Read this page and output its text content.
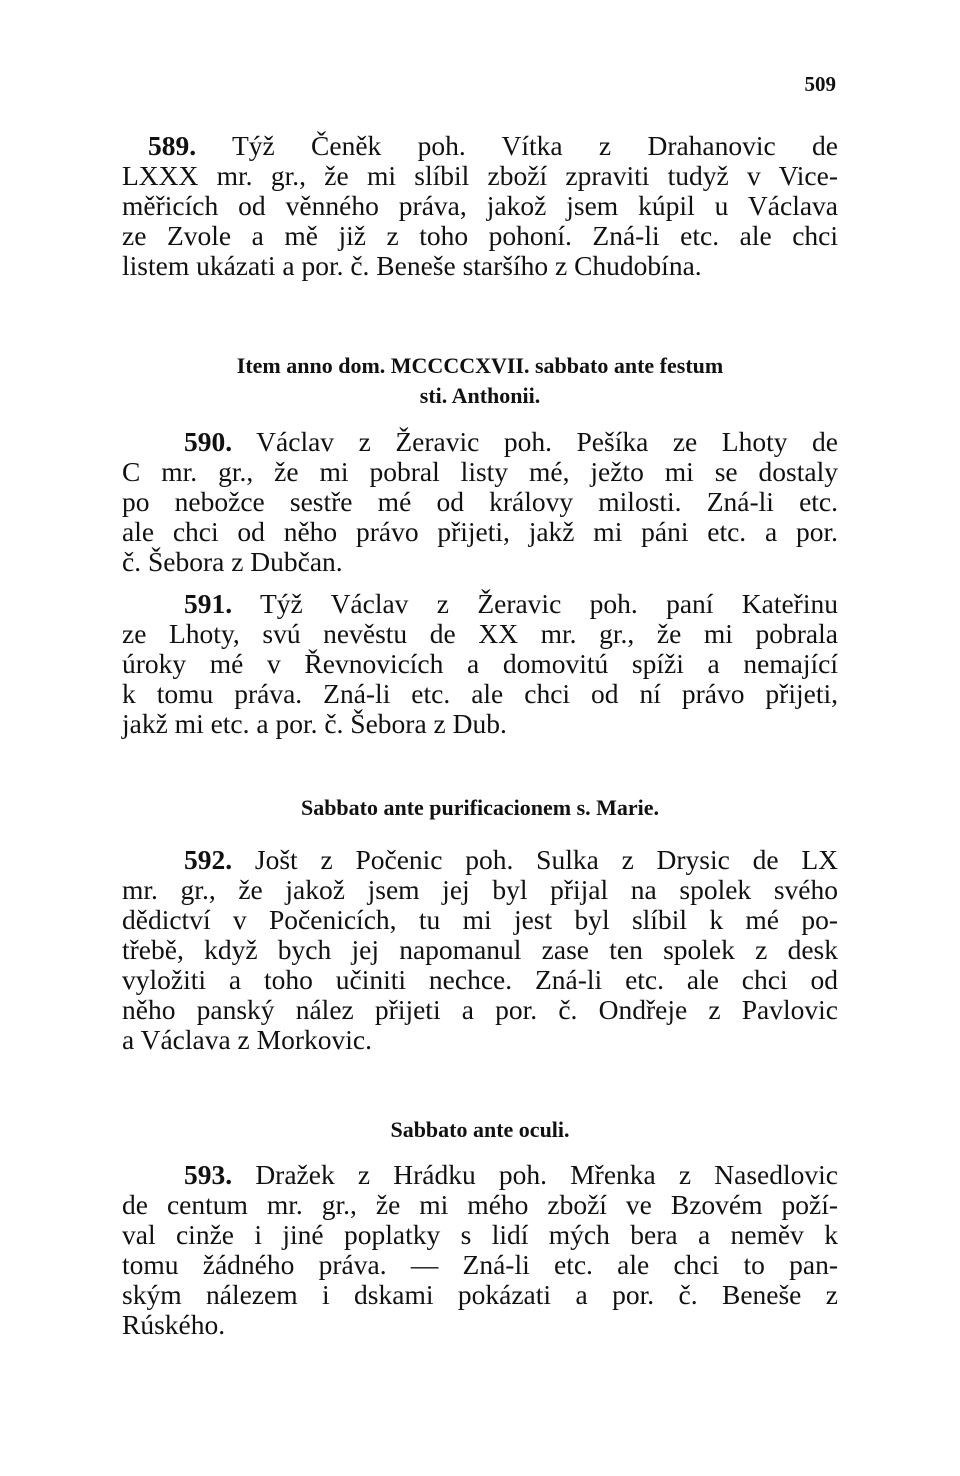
509
589. Týž Čeněk poh. Vítka z Drahanovic de
LXXX mr. gr., že mi slíbil zboží zpraviti tudyž v Vice-
měřicích od věnného práva, jakož jsem kúpil u Václava
ze Zvole a mě již z toho pohoní. Zná-li etc. ale chci
listem ukázati a por. č. Beneše staršího z Chudobína.
Item anno dom. MCCCCXVII. sabbato ante festum
sti. Anthonii.
590. Václav z Žeravic poh. Pešíka ze Lhoty de
C mr. gr., že mi pobral listy mé, ježto mi se dostaly
po nebožce sestře mé od královy milosti. Zná-li etc.
ale chci od něho právo přijeti, jakž mi páni etc. a por.
č. Šebora z Dubčan.
591. Týž Václav z Žeravic poh. paní Kateřinu
ze Lhoty, svú nevěstu de XX mr. gr., že mi pobrala
úroky mé v Řevnovicích a domovitú spíži a nemající
k tomu práva. Zná-li etc. ale chci od ní právo přijeti,
jakž mi etc. a por. č. Šebora z Dub.
Sabbato ante purificacionem s. Marie.
592. Jošt z Počenic poh. Sulka z Drysic de LX
mr. gr., že jakož jsem jej byl přijal na spolek svého
dědictví v Počenicích, tu mi jest byl slíbil k mé po-
třebě, když bych jej napomanul zase ten spolek z desk
vyložiti a toho učiniti nechce. Zná-li etc. ale chci od
něho panský nález přijeti a por. č. Ondřeje z Pavlovic
a Václava z Morkovic.
Sabbato ante oculi.
593. Dražek z Hrádku poh. Mřenka z Nasedlovic
de centum mr. gr., že mi mého zboží ve Bzovém poží-
val cinže i jiné poplatky s lidí mých bera a neměv k
tomu žádného práva. — Zná-li etc. ale chci to pan-
ským nálezem i dskami pokázati a por. č. Beneše z
Rúského.
